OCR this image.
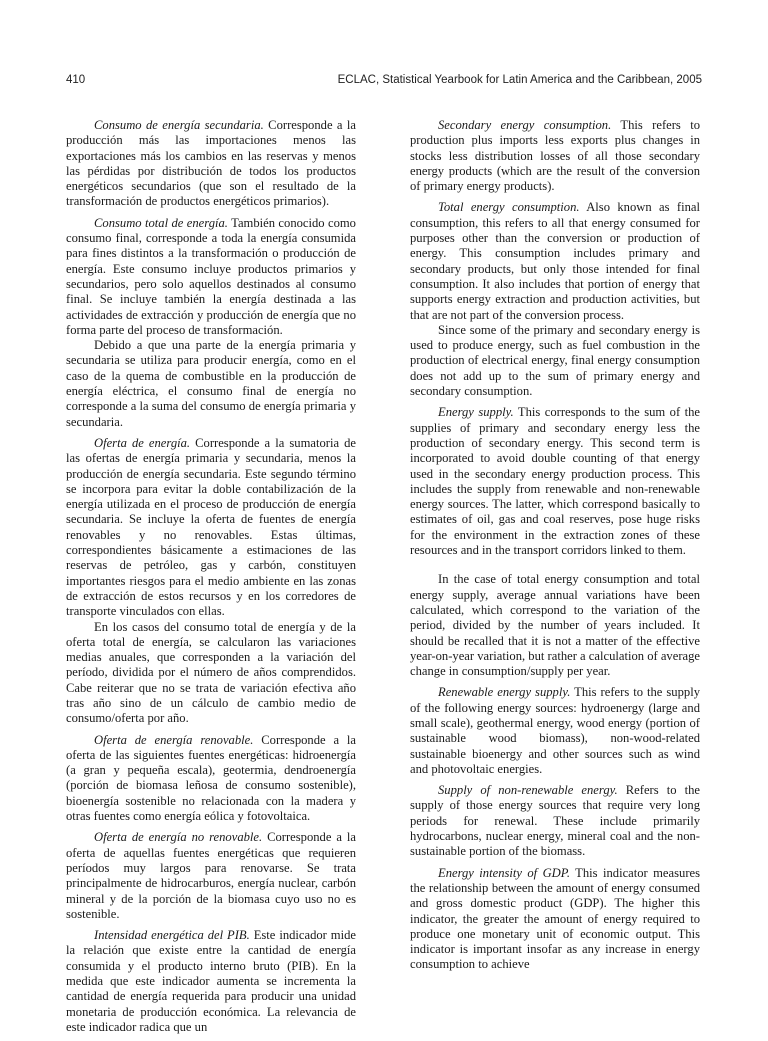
410	ECLAC, Statistical Yearbook for Latin America and the Caribbean, 2005

Consumo de energía secundaria. Corresponde a la producción más las importaciones menos las exportaciones más los cambios en las reservas y menos las pérdidas por distribución de todos los productos energéticos secundarios (que son el resultado de la transformación de productos energéticos primarios).

Consumo total de energía. También conocido como consumo final, corresponde a toda la energía consumida para fines distintos a la transformación o producción de energía. Este consumo incluye productos primarios y secundarios, pero solo aquellos destinados al consumo final. Se incluye también la energía destinada a las actividades de extracción y producción de energía que no forma parte del proceso de transformación.

Debido a que una parte de la energía primaria y secundaria se utiliza para producir energía, como en el caso de la quema de combustible en la producción de energía eléctrica, el consumo final de energía no corresponde a la suma del consumo de energía primaria y secundaria.

Oferta de energía. Corresponde a la sumatoria de las ofertas de energía primaria y secundaria, menos la producción de energía secundaria. Este segundo término se incorpora para evitar la doble contabilización de la energía utilizada en el proceso de producción de energía secundaria. Se incluye la oferta de fuentes de energía renovables y no renovables. Estas últimas, correspondientes básicamente a estimaciones de las reservas de petróleo, gas y carbón, constituyen importantes riesgos para el medio ambiente en las zonas de extracción de estos recursos y en los corredores de transporte vinculados con ellas.

En los casos del consumo total de energía y de la oferta total de energía, se calcularon las variaciones medias anuales, que corresponden a la variación del período, dividida por el número de años comprendidos. Cabe reiterar que no se trata de variación efectiva año tras año sino de un cálculo de cambio medio de consumo/oferta por año.

Oferta de energía renovable. Corresponde a la oferta de las siguientes fuentes energéticas: hidroenergía (a gran y pequeña escala), geotermia, dendroenergía (porción de biomasa leñosa de consumo sostenible), bioenergía sostenible no relacionada con la madera y otras fuentes como energía eólica y fotovoltaica.

Oferta de energía no renovable. Corresponde a la oferta de aquellas fuentes energéticas que requieren períodos muy largos para renovarse. Se trata principalmente de hidrocarburos, energía nuclear, carbón mineral y de la porción de la biomasa cuyo uso no es sostenible.

Intensidad energética del PIB. Este indicador mide la relación que existe entre la cantidad de energía consumida y el producto interno bruto (PIB). En la medida que este indicador aumenta se incrementa la cantidad de energía requerida para producir una unidad monetaria de producción económica. La relevancia de este indicador radica que un

Secondary energy consumption. This refers to production plus imports less exports plus changes in stocks less distribution losses of all those secondary energy products (which are the result of the conversion of primary energy products).

Total energy consumption. Also known as final consumption, this refers to all that energy consumed for purposes other than the conversion or production of energy. This consumption includes primary and secondary products, but only those intended for final consumption. It also includes that portion of energy that supports energy extraction and production activities, but that are not part of the conversion process.

Since some of the primary and secondary energy is used to produce energy, such as fuel combustion in the production of electrical energy, final energy consumption does not add up to the sum of primary energy and secondary consumption.

Energy supply. This corresponds to the sum of the supplies of primary and secondary energy less the production of secondary energy. This second term is incorporated to avoid double counting of that energy used in the secondary energy production process. This includes the supply from renewable and non-renewable energy sources. The latter, which correspond basically to estimates of oil, gas and coal reserves, pose huge risks for the environment in the extraction zones of these resources and in the transport corridors linked to them.

In the case of total energy consumption and total energy supply, average annual variations have been calculated, which correspond to the variation of the period, divided by the number of years included. It should be recalled that it is not a matter of the effective year-on-year variation, but rather a calculation of average change in consumption/supply per year.

Renewable energy supply. This refers to the supply of the following energy sources: hydroenergy (large and small scale), geothermal energy, wood energy (portion of sustainable wood biomass), non-wood-related sustainable bioenergy and other sources such as wind and photovoltaic energies.

Supply of non-renewable energy. Refers to the supply of those energy sources that require very long periods for renewal. These include primarily hydrocarbons, nuclear energy, mineral coal and the non-sustainable portion of the biomass.

Energy intensity of GDP. This indicator measures the relationship between the amount of energy consumed and gross domestic product (GDP). The higher this indicator, the greater the amount of energy required to produce one monetary unit of economic output. This indicator is important insofar as any increase in energy consumption to achieve
